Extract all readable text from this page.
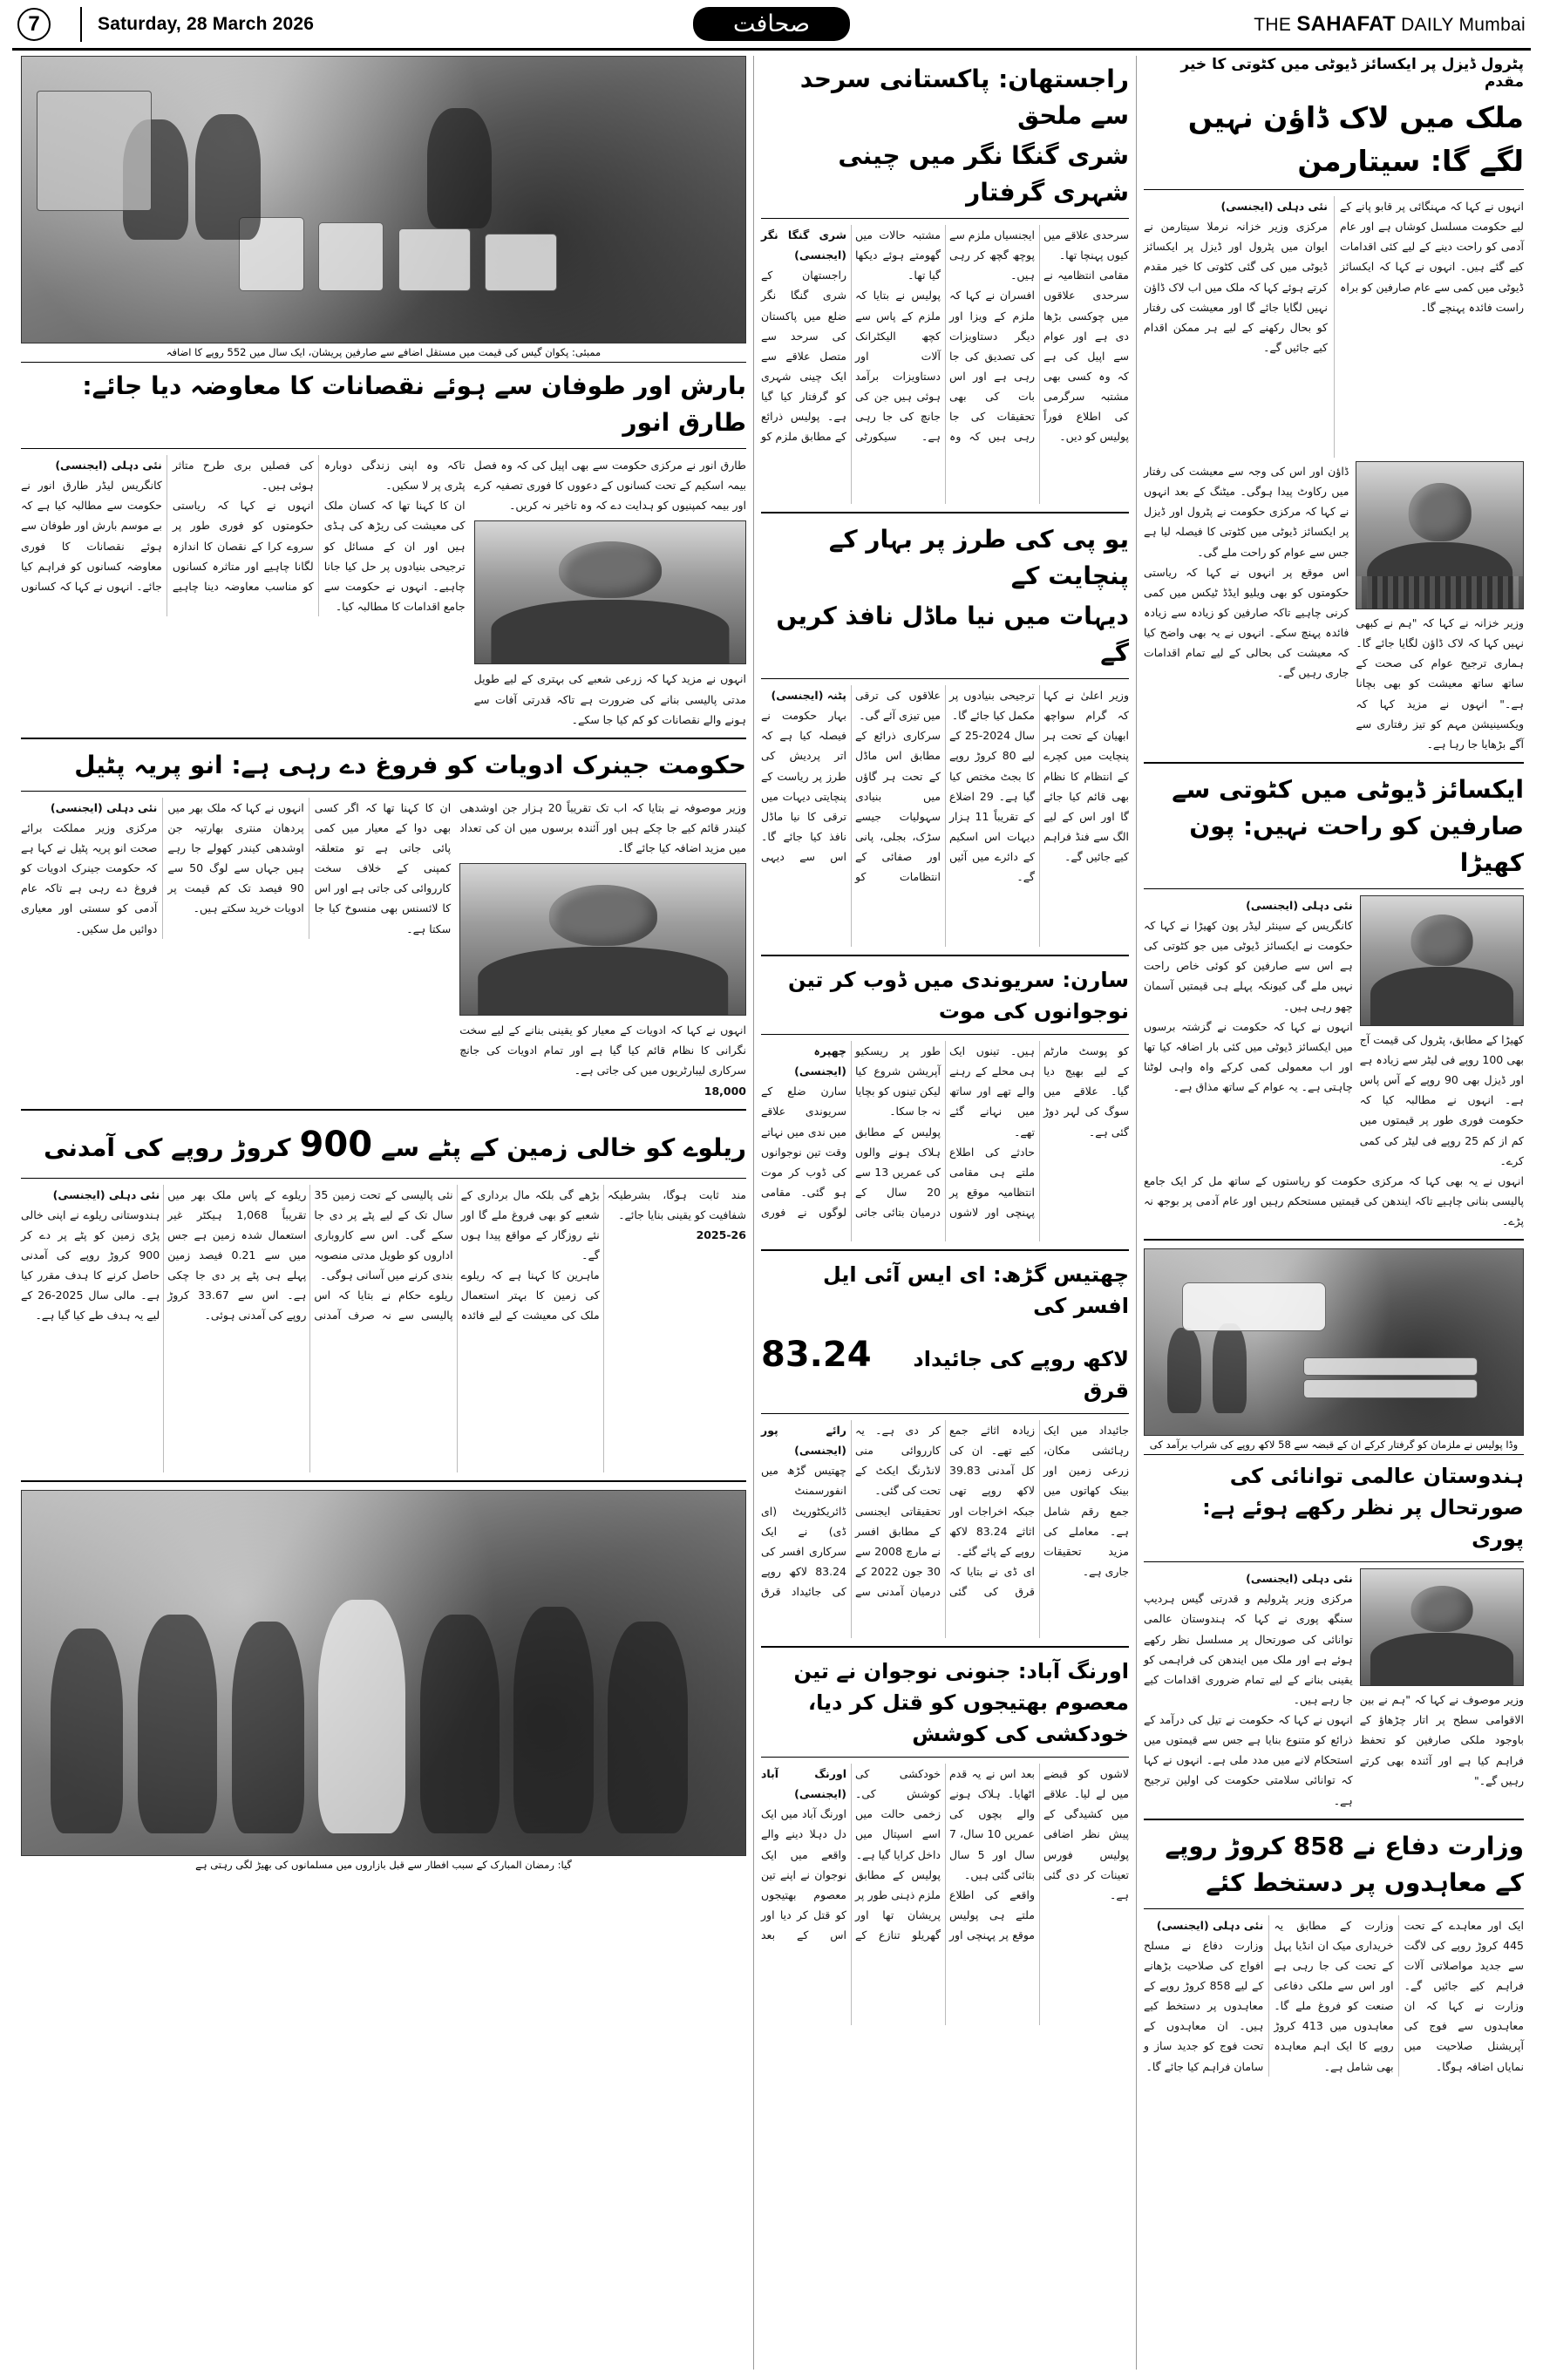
7	Saturday, 28 March 2026	صحافت	THE SAHAFAT DAILY Mumbai
پٹرول ڈیزل پر ایکسائز ڈیوٹی میں کٹوتی کا خیر مقدم
ملک میں لاک ڈاؤن نہیں لگے گا: سیتارمن
نئی دہلی (ایجنسی)
مرکزی وزیر خزانہ نرملا سیتارمن نے ایوان میں پٹرول اور ڈیزل پر ایکسائز ڈیوٹی میں کی گئی کٹوتی کا خیر مقدم کرتے ہوئے کہا کہ ملک میں اب لاک ڈاؤن نہیں لگایا جائے گا اور معیشت کی رفتار کو بحال رکھنے کے لیے ہر ممکن اقدام کیے جائیں گے۔
انہوں نے کہا کہ مہنگائی پر قابو پانے کے لیے حکومت مسلسل کوشاں ہے اور عام آدمی کو راحت دینے کے لیے کئی اقدامات کیے گئے ہیں۔ انہوں نے کہا کہ ایکسائز ڈیوٹی میں کمی سے عام صارفین کو براہ راست فائدہ پہنچے گا۔
ڈاؤن اور اس کی وجہ سے معیشت کی رفتار میں رکاوٹ پیدا ہوگی۔ میٹنگ کے بعد انہوں نے کہا کہ مرکزی حکومت نے پٹرول اور ڈیزل پر ایکسائز ڈیوٹی میں کٹوتی کا فیصلہ لیا ہے جس سے عوام کو راحت ملے گی۔
اس موقع پر انہوں نے کہا کہ ریاستی حکومتوں کو بھی ویلیو ایڈڈ ٹیکس میں کمی کرنی چاہیے تاکہ صارفین کو زیادہ سے زیادہ فائدہ پہنچ سکے۔ انہوں نے یہ بھی واضح کیا کہ معیشت کی بحالی کے لیے تمام اقدامات جاری رہیں گے۔
وزیر خزانہ نے کہا کہ "ہم نے کبھی نہیں کہا کہ لاک ڈاؤن لگایا جائے گا۔ ہماری ترجیح عوام کی صحت کے ساتھ ساتھ معیشت کو بھی بچانا ہے۔" انہوں نے مزید کہا کہ ویکسینیشن مہم کو تیز رفتاری سے آگے بڑھایا جا رہا ہے۔
ایکسائز ڈیوٹی میں کٹوتی سے صارفین کو راحت نہیں: پون کھیڑا
نئی دہلی (ایجنسی)
کانگریس کے سینئر لیڈر پون کھیڑا نے کہا کہ حکومت نے ایکسائز ڈیوٹی میں جو کٹوتی کی ہے اس سے صارفین کو کوئی خاص راحت نہیں ملے گی کیونکہ پہلے ہی قیمتیں آسمان چھو رہی ہیں۔
انہوں نے کہا کہ حکومت نے گزشتہ برسوں میں ایکسائز ڈیوٹی میں کئی بار اضافہ کیا تھا اور اب معمولی کمی کرکے واہ واہی لوٹنا چاہتی ہے۔ یہ عوام کے ساتھ مذاق ہے۔
کھیڑا کے مطابق، پٹرول کی قیمت آج بھی 100 روپے فی لیٹر سے زیادہ ہے اور ڈیزل بھی 90 روپے کے آس پاس ہے۔ انہوں نے مطالبہ کیا کہ حکومت فوری طور پر قیمتوں میں کم از کم 25 روپے فی لیٹر کی کمی کرے۔
انہوں نے یہ بھی کہا کہ مرکزی حکومت کو ریاستوں کے ساتھ مل کر ایک جامع پالیسی بنانی چاہیے تاکہ ایندھن کی قیمتیں مستحکم رہیں اور عام آدمی پر بوجھ نہ پڑے۔
وڈا پولیس نے ملزمان کو گرفتار کرکے ان کے قبضہ سے 58 لاکھ روپے کی شراب برآمد کی
ہندوستان عالمی توانائی کی صورتحال پر نظر رکھے ہوئے ہے: پوری
نئی دہلی (ایجنسی)
مرکزی وزیر پٹرولیم و قدرتی گیس ہردیپ سنگھ پوری نے کہا کہ ہندوستان عالمی توانائی کی صورتحال پر مسلسل نظر رکھے ہوئے ہے اور ملک میں ایندھن کی فراہمی کو یقینی بنانے کے لیے تمام ضروری اقدامات کیے جا رہے ہیں۔
انہوں نے کہا کہ حکومت نے تیل کی درآمد کے ذرائع کو متنوع بنایا ہے جس سے قیمتوں میں استحکام لانے میں مدد ملی ہے۔ انہوں نے کہا کہ توانائی سلامتی حکومت کی اولین ترجیح ہے۔
وزیر موصوف نے کہا کہ "ہم نے بین الاقوامی سطح پر اتار چڑھاؤ کے باوجود ملکی صارفین کو تحفظ فراہم کیا ہے اور آئندہ بھی کرتے رہیں گے۔"
وزارت دفاع نے 858 کروڑ روپے کے معاہدوں پر دستخط کئے
نئی دہلی (ایجنسی)
وزارت دفاع نے مسلح افواج کی صلاحیت بڑھانے کے لیے 858 کروڑ روپے کے معاہدوں پر دستخط کیے ہیں۔ ان معاہدوں کے تحت فوج کو جدید ساز و سامان فراہم کیا جائے گا۔
وزارت کے مطابق یہ خریداری میک ان انڈیا پہل کے تحت کی جا رہی ہے اور اس سے ملکی دفاعی صنعت کو فروغ ملے گا۔ معاہدوں میں 413 کروڑ روپے کا ایک اہم معاہدہ بھی شامل ہے۔
ایک اور معاہدے کے تحت 445 کروڑ روپے کی لاگت سے جدید مواصلاتی آلات فراہم کیے جائیں گے۔ وزارت نے کہا کہ ان معاہدوں سے فوج کی آپریشنل صلاحیت میں نمایاں اضافہ ہوگا۔
راجستھان: پاکستانی سرحد سے ملحق
شری گنگا نگر میں چینی شہری گرفتار
شری گنگا نگر (ایجنسی)
راجستھان کے شری گنگا نگر ضلع میں پاکستان کی سرحد سے متصل علاقے سے ایک چینی شہری کو گرفتار کیا گیا ہے۔ پولیس ذرائع کے مطابق ملزم کو مشتبہ حالات میں گھومتے ہوئے دیکھا گیا تھا۔
پولیس نے بتایا کہ ملزم کے پاس سے کچھ الیکٹرانک آلات اور دستاویزات برآمد ہوئی ہیں جن کی جانچ کی جا رہی ہے۔ سیکورٹی ایجنسیاں ملزم سے پوچھ گچھ کر رہی ہیں۔
افسران نے کہا کہ ملزم کے ویزا اور دیگر دستاویزات کی تصدیق کی جا رہی ہے اور اس بات کی بھی تحقیقات کی جا رہی ہیں کہ وہ سرحدی علاقے میں کیوں پہنچا تھا۔
مقامی انتظامیہ نے سرحدی علاقوں میں چوکسی بڑھا دی ہے اور عوام سے اپیل کی ہے کہ وہ کسی بھی مشتبہ سرگرمی کی اطلاع فوراً پولیس کو دیں۔
یو پی کی طرز پر بہار کے پنچایت کے
دیہات میں نیا ماڈل نافذ کریں گے
پٹنہ (ایجنسی)
بہار حکومت نے فیصلہ کیا ہے کہ اتر پردیش کی طرز پر ریاست کے پنچایتی دیہات میں ترقی کا نیا ماڈل نافذ کیا جائے گا۔ اس سے دیہی علاقوں کی ترقی میں تیزی آئے گی۔
سرکاری ذرائع کے مطابق اس ماڈل کے تحت ہر گاؤں میں بنیادی سہولیات جیسے سڑک، بجلی، پانی اور صفائی کے انتظامات کو ترجیحی بنیادوں پر مکمل کیا جائے گا۔
سال 2024-25 کے لیے 80 کروڑ روپے کا بجٹ مختص کیا گیا ہے۔ 29 اضلاع کے تقریباً 11 ہزار دیہات اس اسکیم کے دائرے میں آئیں گے۔
وزیر اعلیٰ نے کہا کہ گرام سواچھ ابھیان کے تحت ہر پنچایت میں کچرے کے انتظام کا نظام بھی قائم کیا جائے گا اور اس کے لیے الگ سے فنڈ فراہم کیے جائیں گے۔
سارن: سریوندی میں ڈوب کر تین نوجوانوں کی موت
چھپرہ (ایجنسی)
سارن ضلع کے سریوندی علاقے میں ندی میں نہاتے وقت تین نوجوانوں کی ڈوب کر موت ہو گئی۔ مقامی لوگوں نے فوری طور پر ریسکیو آپریشن شروع کیا لیکن تینوں کو بچایا نہ جا سکا۔
پولیس کے مطابق ہلاک ہونے والوں کی عمریں 13 سے 20 سال کے درمیان بتائی جاتی ہیں۔ تینوں ایک ہی محلے کے رہنے والے تھے اور ساتھ میں نہانے گئے تھے۔
حادثے کی اطلاع ملتے ہی مقامی انتظامیہ موقع پر پہنچی اور لاشوں کو پوسٹ مارٹم کے لیے بھیج دیا گیا۔ علاقے میں سوگ کی لہر دوڑ گئی ہے۔
چھتیس گڑھ: ای ایس آئی ایل افسر کی
لاکھ روپے کی جائیداد قرق
83.24
رائے پور (ایجنسی)
چھتیس گڑھ میں انفورسمنٹ ڈائریکٹوریٹ (ای ڈی) نے ایک سرکاری افسر کی 83.24 لاکھ روپے کی جائیداد قرق کر دی ہے۔ یہ کارروائی منی لانڈرنگ ایکٹ کے تحت کی گئی۔
تحقیقاتی ایجنسی کے مطابق افسر نے مارچ 2008 سے 30 جون 2022 کے درمیان آمدنی سے زیادہ اثاثے جمع کیے تھے۔ ان کی کل آمدنی 39.83 لاکھ روپے تھی جبکہ اخراجات اور اثاثے 83.24 لاکھ روپے کے پائے گئے۔
ای ڈی نے بتایا کہ قرق کی گئی جائیداد میں ایک رہائشی مکان، زرعی زمین اور بینک کھاتوں میں جمع رقم شامل ہے۔ معاملے کی مزید تحقیقات جاری ہے۔
اورنگ آباد: جنونی نوجوان نے تین معصوم بھتیجوں کو قتل کر دیا، خودکشی کی کوشش
اورنگ آباد (ایجنسی)
اورنگ آباد میں ایک دل دہلا دینے والے واقعے میں ایک نوجوان نے اپنے تین معصوم بھتیجوں کو قتل کر دیا اور اس کے بعد خودکشی کی کوشش کی۔ زخمی حالت میں اسے اسپتال میں داخل کرایا گیا ہے۔
پولیس کے مطابق ملزم ذہنی طور پر پریشان تھا اور گھریلو تنازع کے بعد اس نے یہ قدم اٹھایا۔ ہلاک ہونے والے بچوں کی عمریں 10 سال، 7 سال اور 5 سال بتائی گئی ہیں۔
واقعے کی اطلاع ملتے ہی پولیس موقع پر پہنچی اور لاشوں کو قبضے میں لے لیا۔ علاقے میں کشیدگی کے پیش نظر اضافی پولیس فورس تعینات کر دی گئی ہے۔
ممبئی: پکوان گیس کی قیمت میں مستقل اضافے سے صارفین پریشان، ایک سال میں 552 روپے کا اضافہ
بارش اور طوفان سے ہوئے نقصانات کا معاوضہ دیا جائے: طارق انور
نئی دہلی (ایجنسی)
کانگریس لیڈر طارق انور نے حکومت سے مطالبہ کیا ہے کہ بے موسم بارش اور طوفان سے ہوئے نقصانات کا فوری معاوضہ کسانوں کو فراہم کیا جائے۔ انہوں نے کہا کہ کسانوں کی فصلیں بری طرح متاثر ہوئی ہیں۔
انہوں نے کہا کہ ریاستی حکومتوں کو فوری طور پر سروے کرا کے نقصان کا اندازہ لگانا چاہیے اور متاثرہ کسانوں کو مناسب معاوضہ دینا چاہیے تاکہ وہ اپنی زندگی دوبارہ پٹری پر لا سکیں۔
ان کا کہنا تھا کہ کسان ملک کی معیشت کی ریڑھ کی ہڈی ہیں اور ان کے مسائل کو ترجیحی بنیادوں پر حل کیا جانا چاہیے۔ انہوں نے حکومت سے جامع اقدامات کا مطالبہ کیا۔
طارق انور نے مرکزی حکومت سے بھی اپیل کی کہ وہ فصل بیمہ اسکیم کے تحت کسانوں کے دعووں کا فوری تصفیہ کرے اور بیمہ کمپنیوں کو ہدایت دے کہ وہ تاخیر نہ کریں۔
انہوں نے مزید کہا کہ زرعی شعبے کی بہتری کے لیے طویل مدتی پالیسی بنانے کی ضرورت ہے تاکہ قدرتی آفات سے ہونے والے نقصانات کو کم کیا جا سکے۔
حکومت جینرک ادویات کو فروغ دے رہی ہے: انو پریہ پٹیل
نئی دہلی (ایجنسی)
مرکزی وزیر مملکت برائے صحت انو پریہ پٹیل نے کہا ہے کہ حکومت جینرک ادویات کو فروغ دے رہی ہے تاکہ عام آدمی کو سستی اور معیاری دوائیں مل سکیں۔
انہوں نے کہا کہ ملک بھر میں پردھان منتری بھارتیہ جن اوشدھی کیندر کھولے جا رہے ہیں جہاں سے لوگ 50 سے 90 فیصد تک کم قیمت پر ادویات خرید سکتے ہیں۔
ان کا کہنا تھا کہ اگر کسی بھی دوا کے معیار میں کمی پائی جاتی ہے تو متعلقہ کمپنی کے خلاف سخت کارروائی کی جاتی ہے اور اس کا لائسنس بھی منسوخ کیا جا سکتا ہے۔
وزیر موصوفہ نے بتایا کہ اب تک تقریباً 20 ہزار جن اوشدھی کیندر قائم کیے جا چکے ہیں اور آئندہ برسوں میں ان کی تعداد میں مزید اضافہ کیا جائے گا۔
انہوں نے کہا کہ ادویات کے معیار کو یقینی بنانے کے لیے سخت نگرانی کا نظام قائم کیا گیا ہے اور تمام ادویات کی جانچ سرکاری لیبارٹریوں میں کی جاتی ہے۔
18,000
ریلوے کو خالی زمین کے پٹے سے
900
کروڑ روپے کی آمدنی
نئی دہلی (ایجنسی)
ہندوستانی ریلوے نے اپنی خالی پڑی زمین کو پٹے پر دے کر 900 کروڑ روپے کی آمدنی حاصل کرنے کا ہدف مقرر کیا ہے۔ مالی سال 2025-26 کے لیے یہ ہدف طے کیا گیا ہے۔
ریلوے کے پاس ملک بھر میں تقریباً 1,068 ہیکٹر غیر استعمال شدہ زمین ہے جس میں سے 0.21 فیصد زمین پہلے ہی پٹے پر دی جا چکی ہے۔ اس سے 33.67 کروڑ روپے کی آمدنی ہوئی۔
نئی پالیسی کے تحت زمین 35 سال تک کے لیے پٹے پر دی جا سکے گی۔ اس سے کاروباری اداروں کو طویل مدتی منصوبہ بندی کرنے میں آسانی ہوگی۔
ریلوے حکام نے بتایا کہ اس پالیسی سے نہ صرف آمدنی بڑھے گی بلکہ مال برداری کے شعبے کو بھی فروغ ملے گا اور نئے روزگار کے مواقع پیدا ہوں گے۔
ماہرین کا کہنا ہے کہ ریلوے کی زمین کا بہتر استعمال ملک کی معیشت کے لیے فائدہ مند ثابت ہوگا، بشرطیکہ شفافیت کو یقینی بنایا جائے۔
2025-26
گیا: رمضان المبارک کے سبب افطار سے قبل بازاروں میں مسلمانوں کی بھیڑ لگی رہتی ہے
